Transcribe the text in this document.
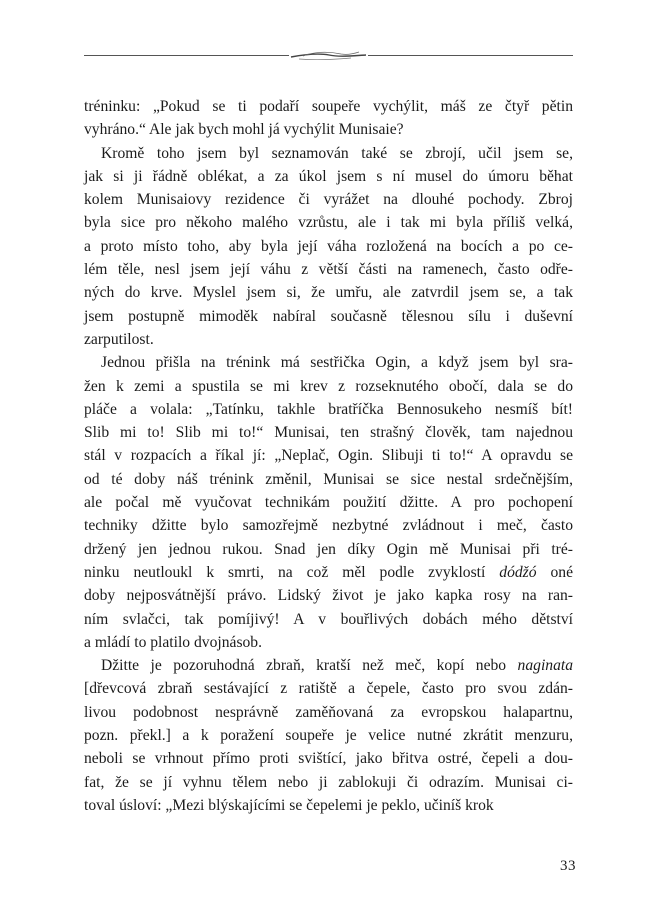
tréninku: „Pokud se ti podaří soupeře vychýlit, máš ze čtyř pětin
vyhráno.“ Ale jak bych mohl já vychýlit Munisaie?

Kromě toho jsem byl seznamován také se zbrojí, učil jsem se,
jak si ji řádně oblékat, a za úkol jsem s ní musel do úmoru běhat
kolem Munisaiovy rezidence či vyrážet na dlouhé pochody. Zbroj
byla sice pro někoho malého vzrůstu, ale i tak mi byla příliš velká,
a proto místo toho, aby byla její váha rozložená na bocích a po ce-
lém těle, nesl jsem její váhu z větší části na ramenech, často odře-
ných do krve. Myslel jsem si, že umřu, ale zatvrdil jsem se, a tak
jsem postupně mimoděk nabíral současně tělesnou sílu i duševní
zarputilost.

Jednou přišla na trénink má sestřička Ogin, a když jsem byl sra-
žen k zemi a spustila se mi krev z rozseknutého obočí, dala se do
pláče a volala: „Tatínku, takhle bratříčka Bennosukeho nesmíš bít!
Slib mi to! Slib mi to!“ Munisai, ten strašný člověk, tam najednou
stál v rozpacích a říkal jí: „Neplač, Ogin. Slibuji ti to!“ A opravdu se
od té doby náš trénink změnil, Munisai se sice nestal srdečnějším,
ale počal mě vyučovat technikám použití džitte. A pro pochopení
techniky džitte bylo samozřejmě nezbytné zvládnout i meč, často
držený jen jednou rukou. Snad jen díky Ogin mě Munisai při tré-
ninku neutloukl k smrti, na což měl podle zvyklostí dódžó oné
doby nejposvátnější právo. Lidský život je jako kapka rosy na ran-
ním svlačci, tak pomíjivý! A v bouřlivých dobách mého dětství
a mládí to platilo dvojnásob.

Džitte je pozoruhodná zbraň, kratší než meč, kopí nebo naginata
[dřevcová zbraň sestávající z ratiště a čepele, často pro svou zdán-
livou podobnost nesprávně zaměňovaná za evropskou halapartnu,
pozn. překl.] a k poražení soupeře je velice nutné zkrátit menzuru,
neboli se vrhnout přímo proti svištící, jako břitva ostré, čepeli a dou-
fat, že se jí vyhnu tělem nebo ji zablokuji či odrazím. Munisai ci-
toval úsloví: „Mezi blýskajícími se čepelemi je peklo, učiníš krok

33
